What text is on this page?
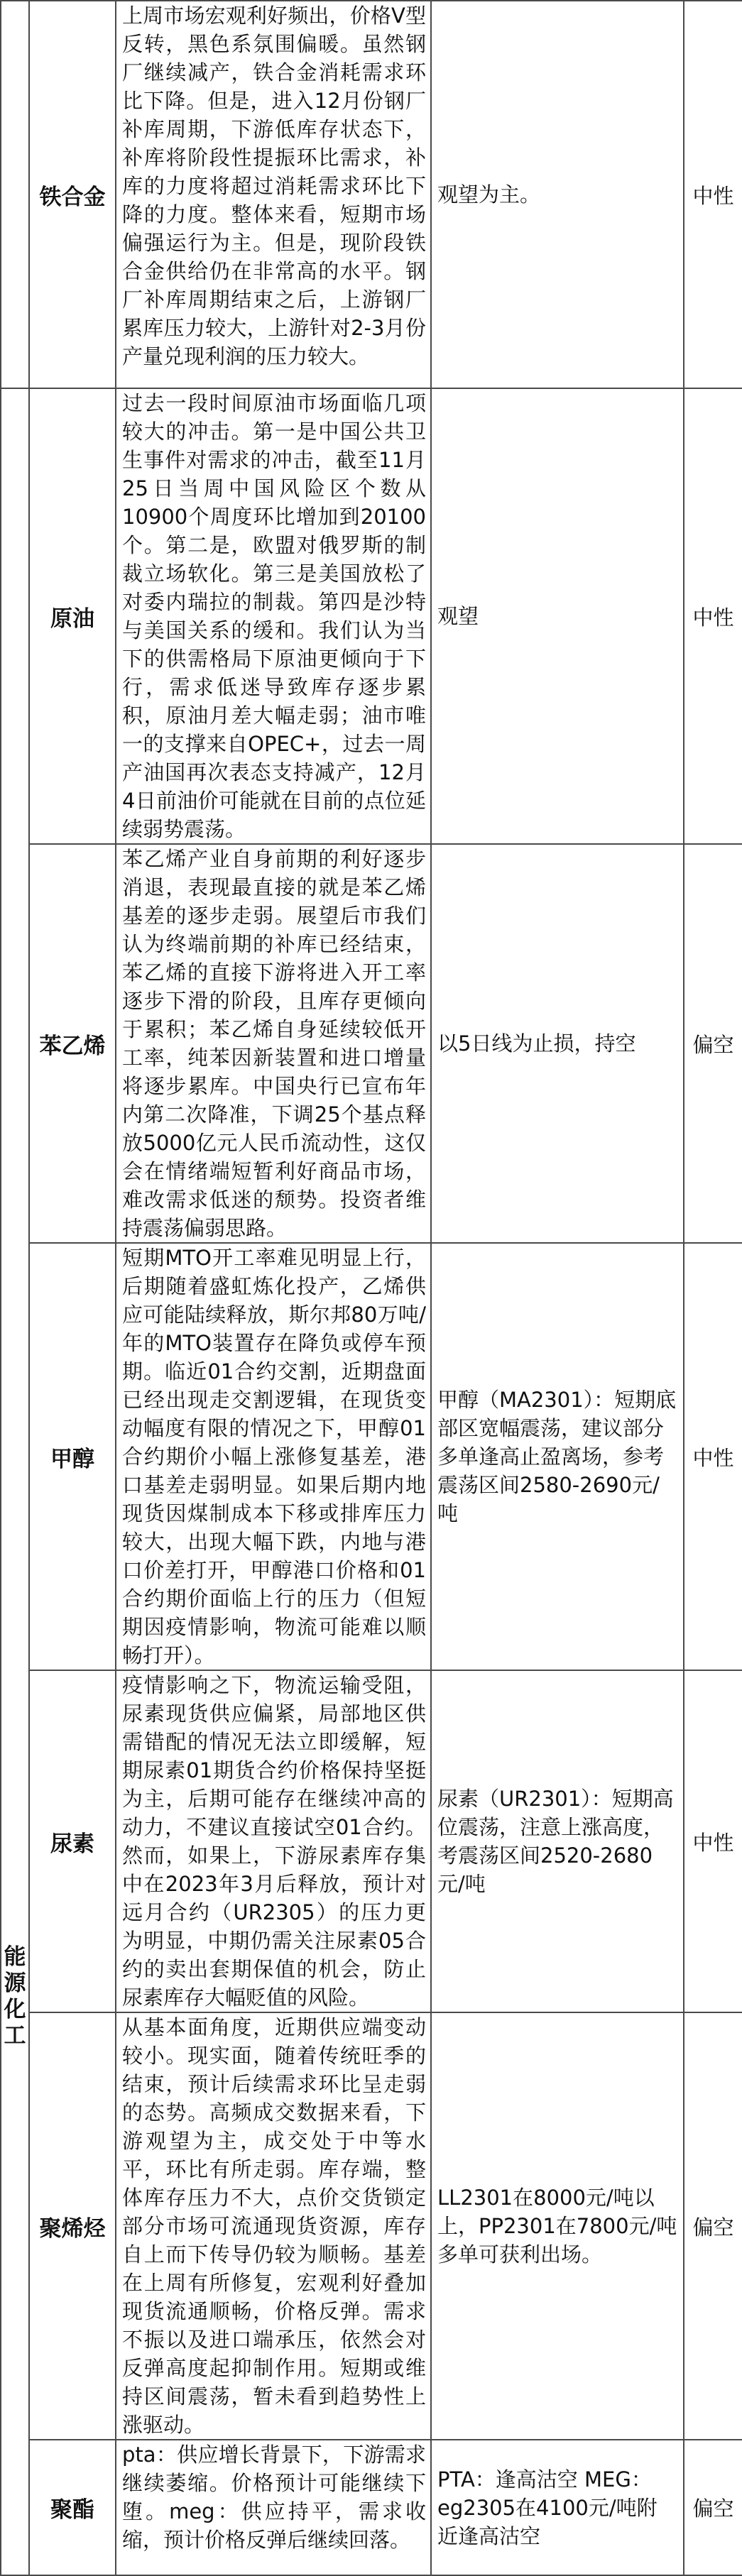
	铁合金	上周市场宏观利好频出，价格V型反转，黑色系氛围偏暖。虽然钢厂继续减产，铁合金消耗需求环比下降。但是，进入12月份钢厂补库周期，下游低库存状态下，补库将阶段性提振环比需求，补库的力度将超过消耗需求环比下降的力度。整体来看，短期市场偏强运行为主。但是，现阶段铁合金供给仍在非常高的水平。钢厂补库周期结束之后，上游钢厂累库压力较大，上游针对2-3月份产量兑现利润的压力较大。	观望为主。	中性
能源化工	原油	过去一段时间原油市场面临几项较大的冲击。第一是中国公共卫生事件对需求的冲击，截至11月25日当周中国风险区个数从10900个周度环比增加到20100个。第二是，欧盟对俄罗斯的制裁立场软化。第三是美国放松了对委内瑞拉的制裁。第四是沙特与美国关系的缓和。我们认为当下的供需格局下原油更倾向于下行，需求低迷导致库存逐步累积，原油月差大幅走弱；油市唯一的支撑来自OPEC+，过去一周产油国再次表态支持减产，12月4日前油价可能就在目前的点位延续弱势震荡。	观望	中性
	苯乙烯	苯乙烯产业自身前期的利好逐步消退，表现最直接的就是苯乙烯基差的逐步走弱。展望后市我们认为终端前期的补库已经结束，苯乙烯的直接下游将进入开工率逐步下滑的阶段，且库存更倾向于累积；苯乙烯自身延续较低开工率，纯苯因新装置和进口增量将逐步累库。中国央行已宣布年内第二次降准，下调25个基点释放5000亿元人民币流动性，这仅会在情绪端短暂利好商品市场，难改需求低迷的颓势。投资者维持震荡偏弱思路。	以5日线为止损，持空	偏空
	甲醇	短期MTO开工率难见明显上行，后期随着盛虹炼化投产，乙烯供应可能陆续释放，斯尔邦80万吨/年的MTO装置存在降负或停车预期。临近01合约交割，近期盘面已经出现走交割逻辑，在现货变动幅度有限的情况之下，甲醇01合约期价小幅上涨修复基差，港口基差走弱明显。如果后期内地现货因煤制成本下移或排库压力较大，出现大幅下跌，内地与港口价差打开，甲醇港口价格和01合约期价面临上行的压力（但短期因疫情影响，物流可能难以顺畅打开）。	甲醇（MA2301）：短期底部区宽幅震荡，建议部分多单逢高止盈离场，参考震荡区间2580-2690元/吨	中性
	尿素	疫情影响之下，物流运输受阻，尿素现货供应偏紧，局部地区供需错配的情况无法立即缓解，短期尿素01期货合约价格保持坚挺为主，后期可能存在继续冲高的动力，不建议直接试空01合约。然而，如果上，下游尿素库存集中在2023年3月后释放，预计对远月合约（UR2305）的压力更为明显，中期仍需关注尿素05合约的卖出套期保值的机会，防止尿素库存大幅贬值的风险。	尿素（UR2301）：短期高位震荡，注意上涨高度，考震荡区间2520-2680元/吨	中性
	聚烯烃	从基本面角度，近期供应端变动较小。现实面，随着传统旺季的结束，预计后续需求环比呈走弱的态势。高频成交数据来看，下游观望为主，成交处于中等水平，环比有所走弱。库存端，整体库存压力不大，点价交货锁定部分市场可流通现货资源，库存自上而下传导仍较为顺畅。基差在上周有所修复，宏观利好叠加现货流通顺畅，价格反弹。需求不振以及进口端承压，依然会对反弹高度起抑制作用。短期或维持区间震荡，暂未看到趋势性上涨驱动。	LL2301在8000元/吨以上，PP2301在7800元/吨多单可获利出场。	偏空
	聚酯	pta：供应增长背景下，下游需求继续萎缩。价格预计可能继续下堕。meg：供应持平，需求收缩，预计价格反弹后继续回落。	PTA：逢高沽空 MEG：eg2305在4100元/吨附近逢高沽空	偏空
